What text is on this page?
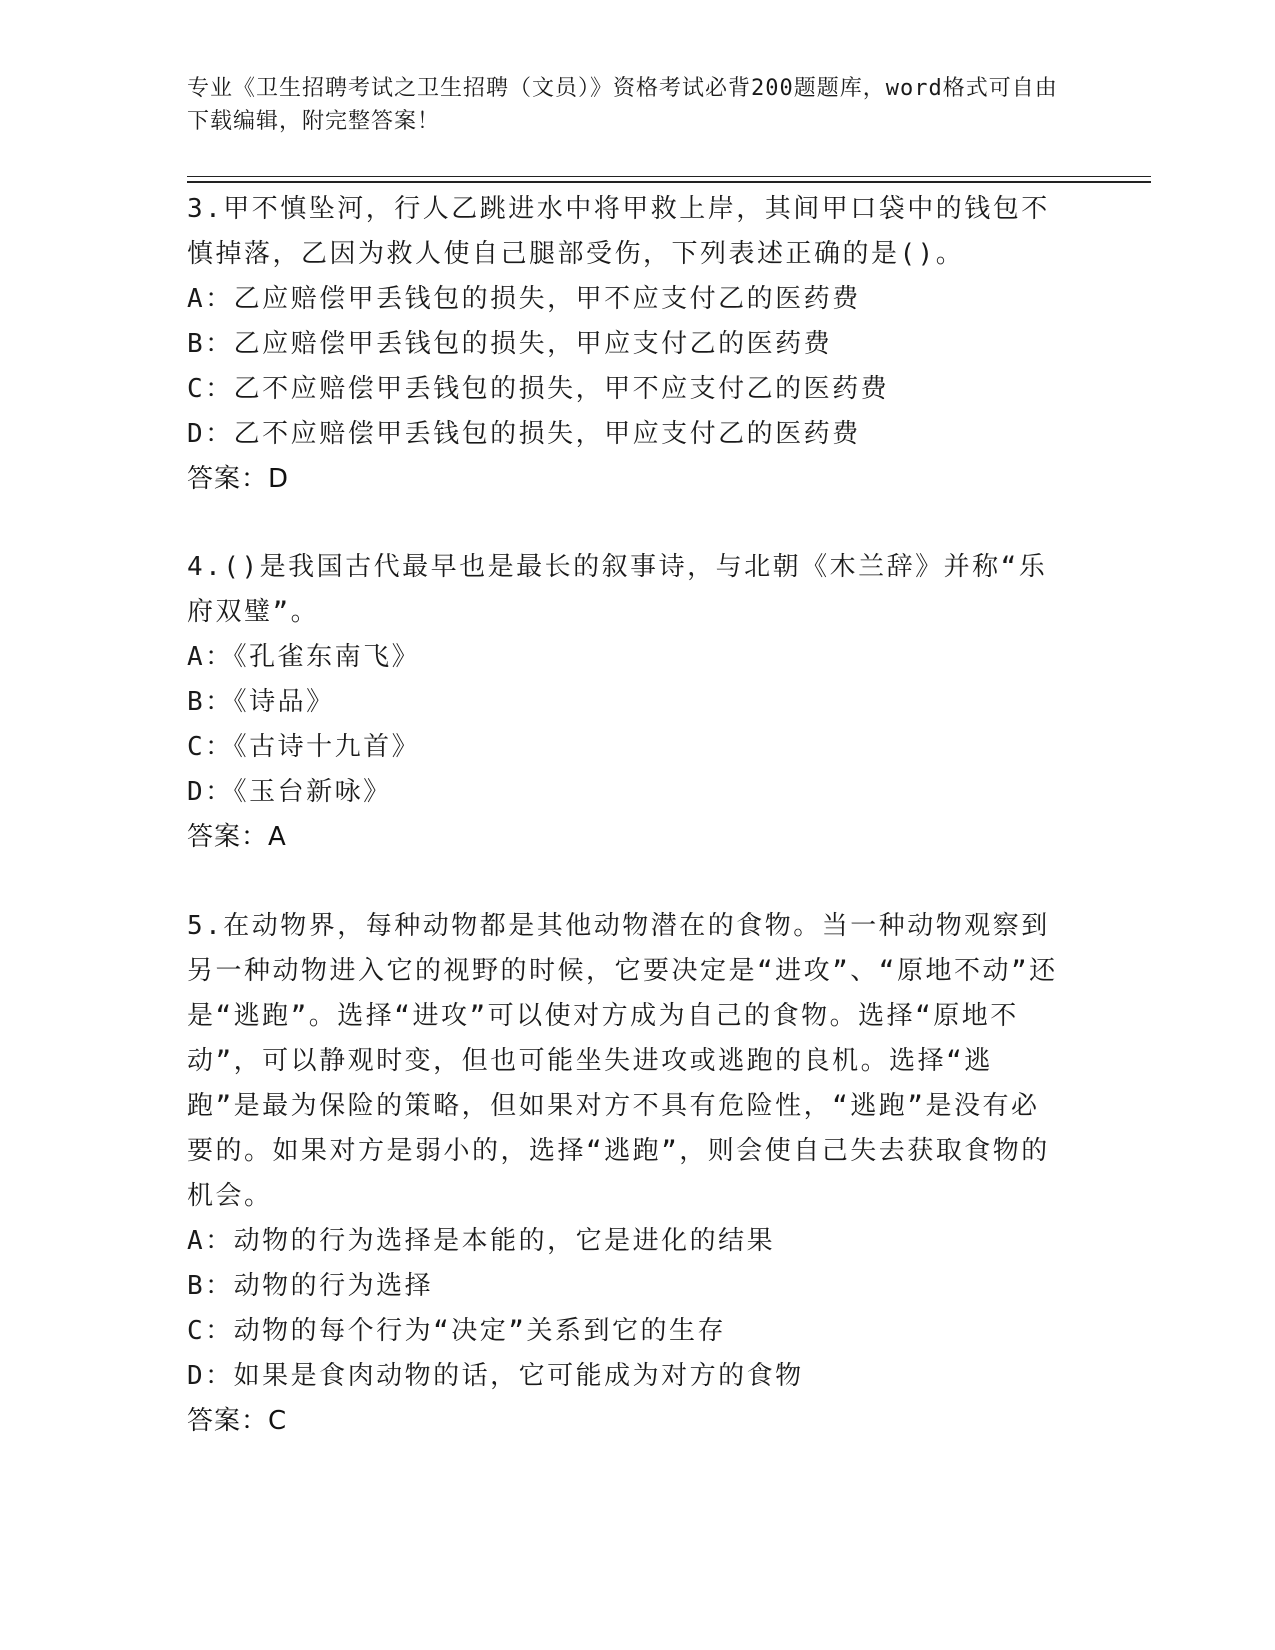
专业《卫生招聘考试之卫生招聘（文员）》资格考试必背200题题库，word格式可自由下载编辑，附完整答案！

3.甲不慎坠河，行人乙跳进水中将甲救上岸，其间甲口袋中的钱包不慎掉落，乙因为救人使自己腿部受伤，下列表述正确的是()。

A：乙应赔偿甲丢钱包的损失，甲不应支付乙的医药费

B：乙应赔偿甲丢钱包的损失，甲应支付乙的医药费

C：乙不应赔偿甲丢钱包的损失，甲不应支付乙的医药费

D：乙不应赔偿甲丢钱包的损失，甲应支付乙的医药费

答案：D

4.()是我国古代最早也是最长的叙事诗，与北朝《木兰辞》并称“乐府双璧”。

A：《孔雀东南飞》

B：《诗品》

C：《古诗十九首》

D：《玉台新咏》

答案：A

5.在动物界，每种动物都是其他动物潜在的食物。当一种动物观察到另一种动物进入它的视野的时候，它要决定是“进攻”、“原地不动”还是“逃跑”。选择“进攻”可以使对方成为自己的食物。选择“原地不动”，可以静观时变，但也可能坐失进攻或逃跑的良机。选择“逃跑”是最为保险的策略，但如果对方不具有危险性，“逃跑”是没有必要的。如果对方是弱小的，选择“逃跑”，则会使自己失去获取食物的机会。

A：动物的行为选择是本能的，它是进化的结果

B：动物的行为选择

C：动物的每个行为“决定”关系到它的生存

D：如果是食肉动物的话，它可能成为对方的食物

答案：C
